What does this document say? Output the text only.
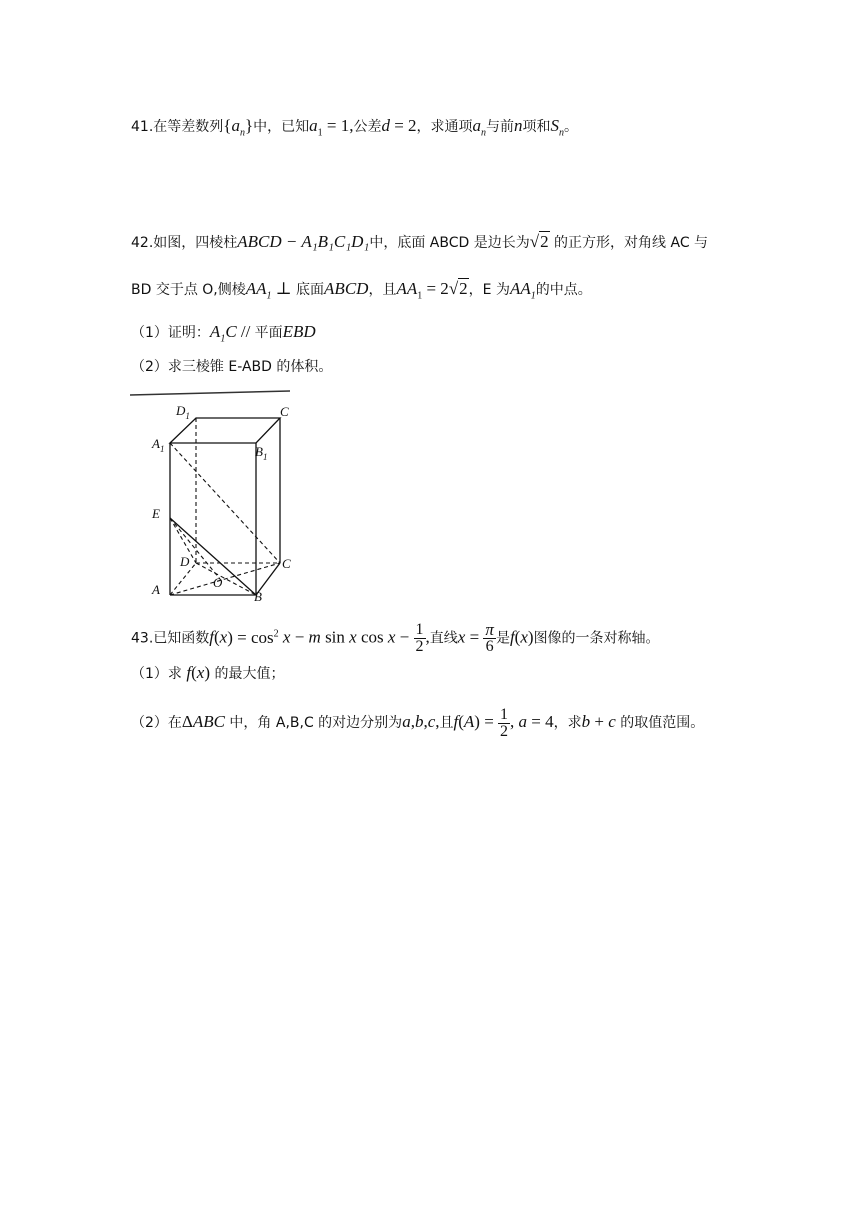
41.在等差数列$\{a_n\}$中，已知$a_1 = 1$,公差d = 2，求通项$a_n$与前n项和$S_n$。
42.如图，四棱柱ABCD − A₁B₁C₁D₁中，底面 ABCD 是边长为√2 的正方形，对角线 AC 与
BD 交于点 O,侧棱$AA_1$ ⊥ 底面ABCD，且$AA_1 = 2√2$，E 为$AA_1$的中点。
（1）证明：$A_1C$ // 平面EBD
（2）求三棱锥 E-ABD 的体积。
$D_1$	C
$A_1$	$B_1$
E
D	C
A	O
B
43.已知函数$f(x) = \cos^2 x - m$ sin x $\cos x - \frac{1}{2}$ ,直线$x = \frac{\pi}{6}$ 是f(x)图像的一条对称轴。
（1）求 f(x) 的最大值；
（2）在ΔABC 中，角 A,B,C 的对边分别为a,b,c,且$f(A) = \frac{1}{2}$ , a = 4，求b + c 的取值范围。
